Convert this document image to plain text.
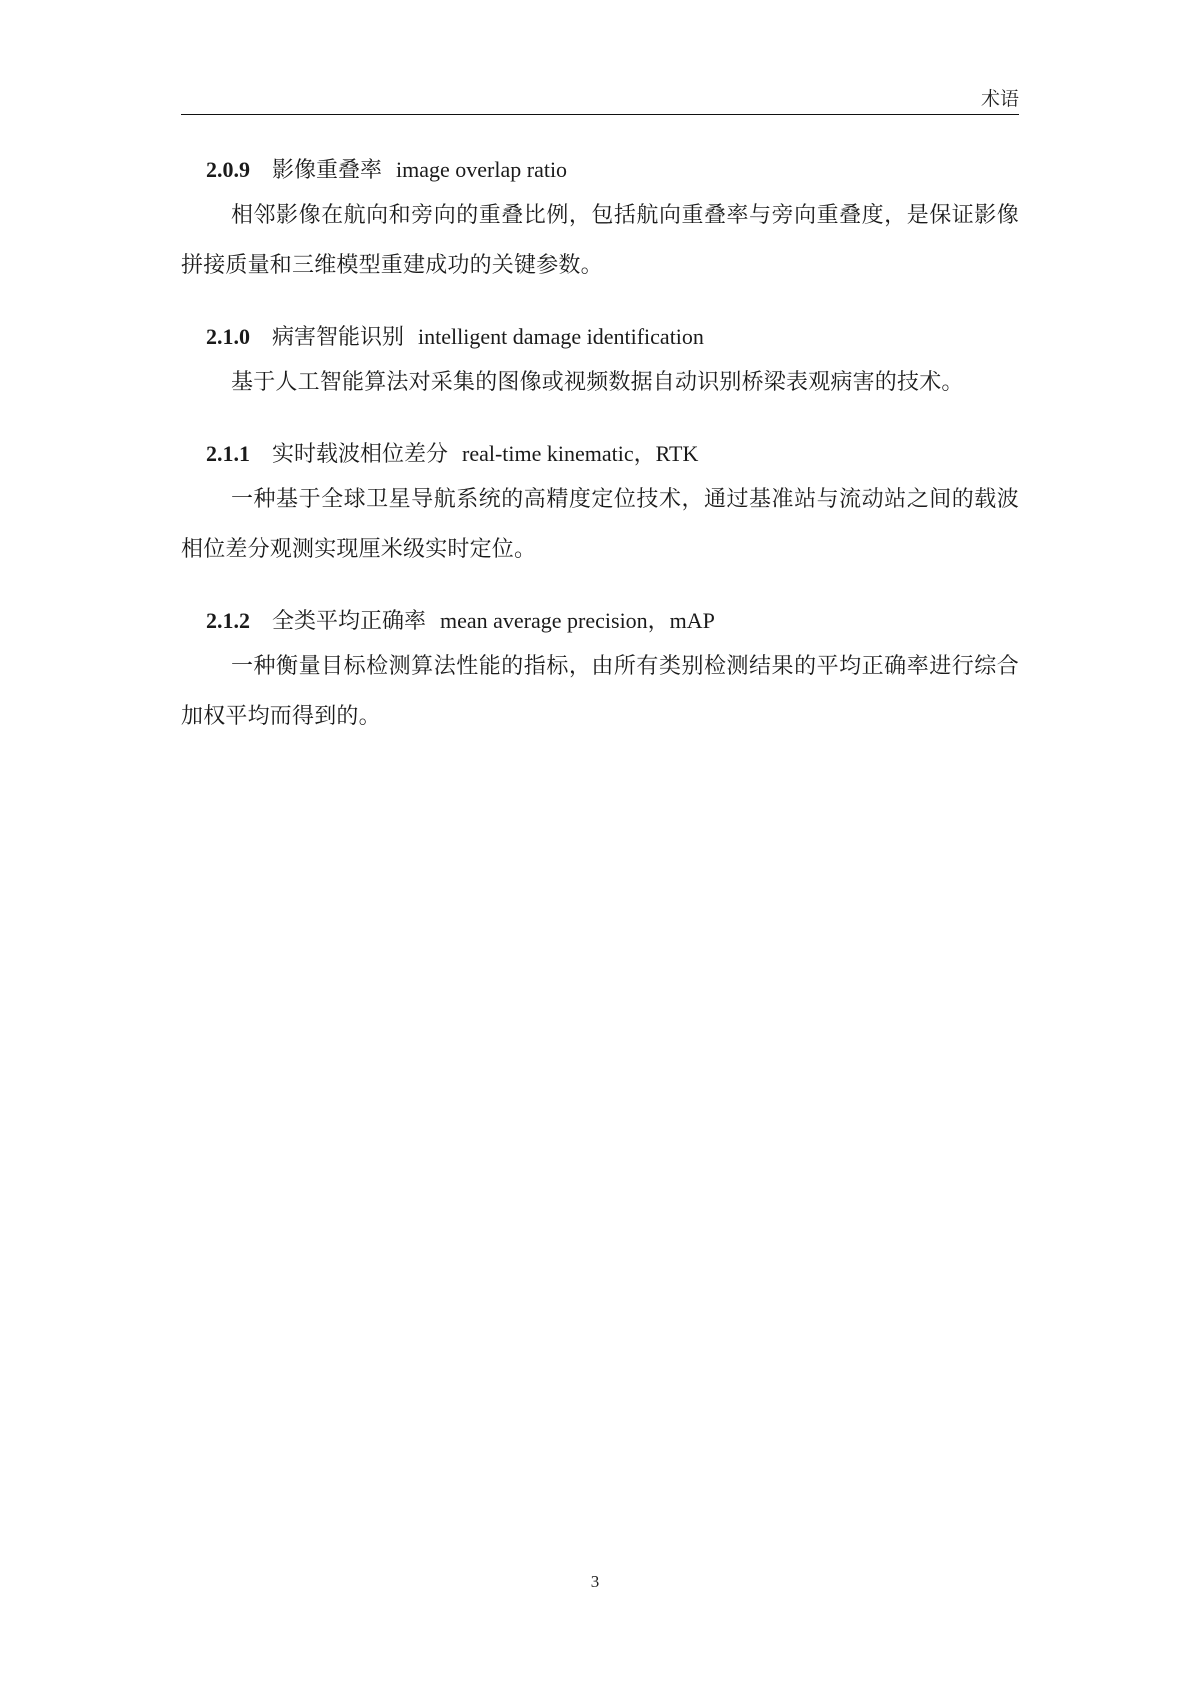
术语
2.0.9 影像重叠率 image overlap ratio

相邻影像在航向和旁向的重叠比例，包括航向重叠率与旁向重叠度，是保证影像拼接质量和三维模型重建成功的关键参数。

2.1.0 病害智能识别 intelligent damage identification

基于人工智能算法对采集的图像或视频数据自动识别桥梁表观病害的技术。

2.1.1 实时载波相位差分 real-time kinematic，RTK

一种基于全球卫星导航系统的高精度定位技术，通过基准站与流动站之间的载波相位差分观测实现厘米级实时定位。

2.1.2 全类平均正确率 mean average precision，mAP

一种衡量目标检测算法性能的指标，由所有类别检测结果的平均正确率进行综合加权平均而得到的。

3
